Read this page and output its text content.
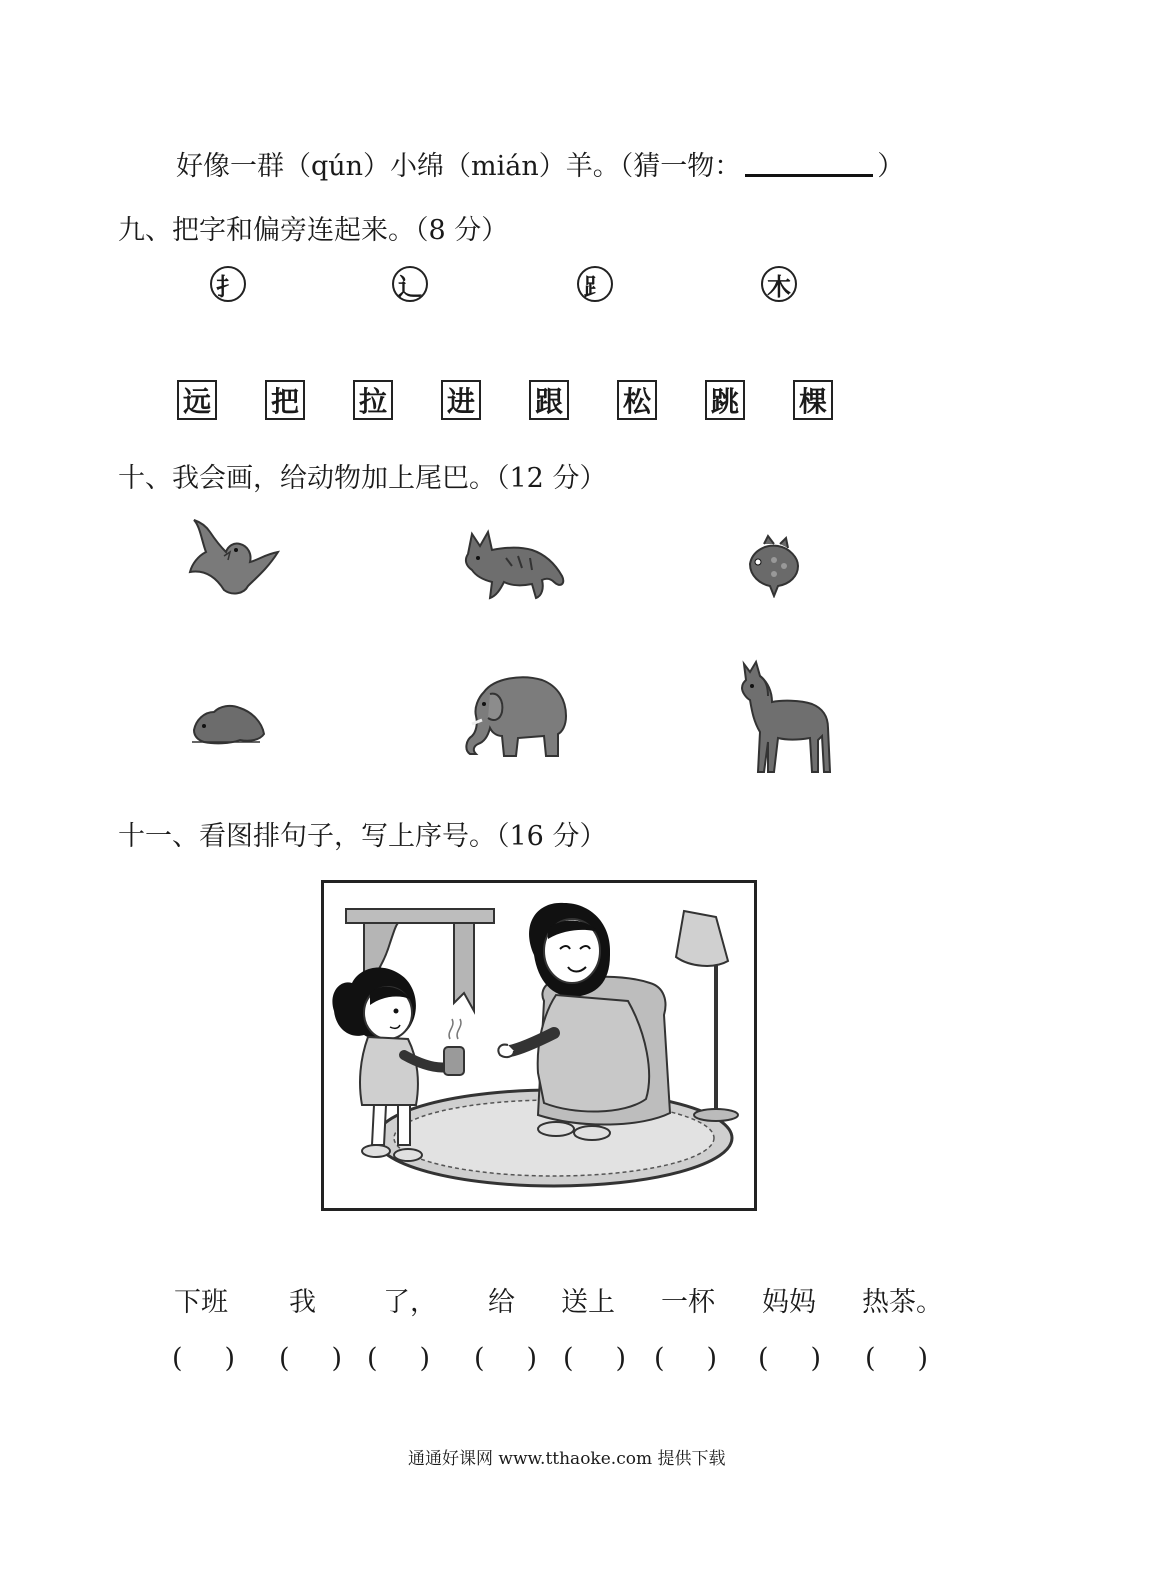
好像一群（qún）小绵（mián）羊。（猜一物：	）
九、把字和偏旁连起来。（8 分）
扌	辶	⻊	木
远 把 拉 进 跟 松 跳 棵
十、我会画，给动物加上尾巴。（12 分）
十一、看图排句子，写上序号。（16 分）
下班 我 了， 给 送上 一杯 妈妈 热茶。
( ) ( ) ( ) ( ) ( ) ( ) ( ) ( )
通通好课网 www.tthaoke.com 提供下载
